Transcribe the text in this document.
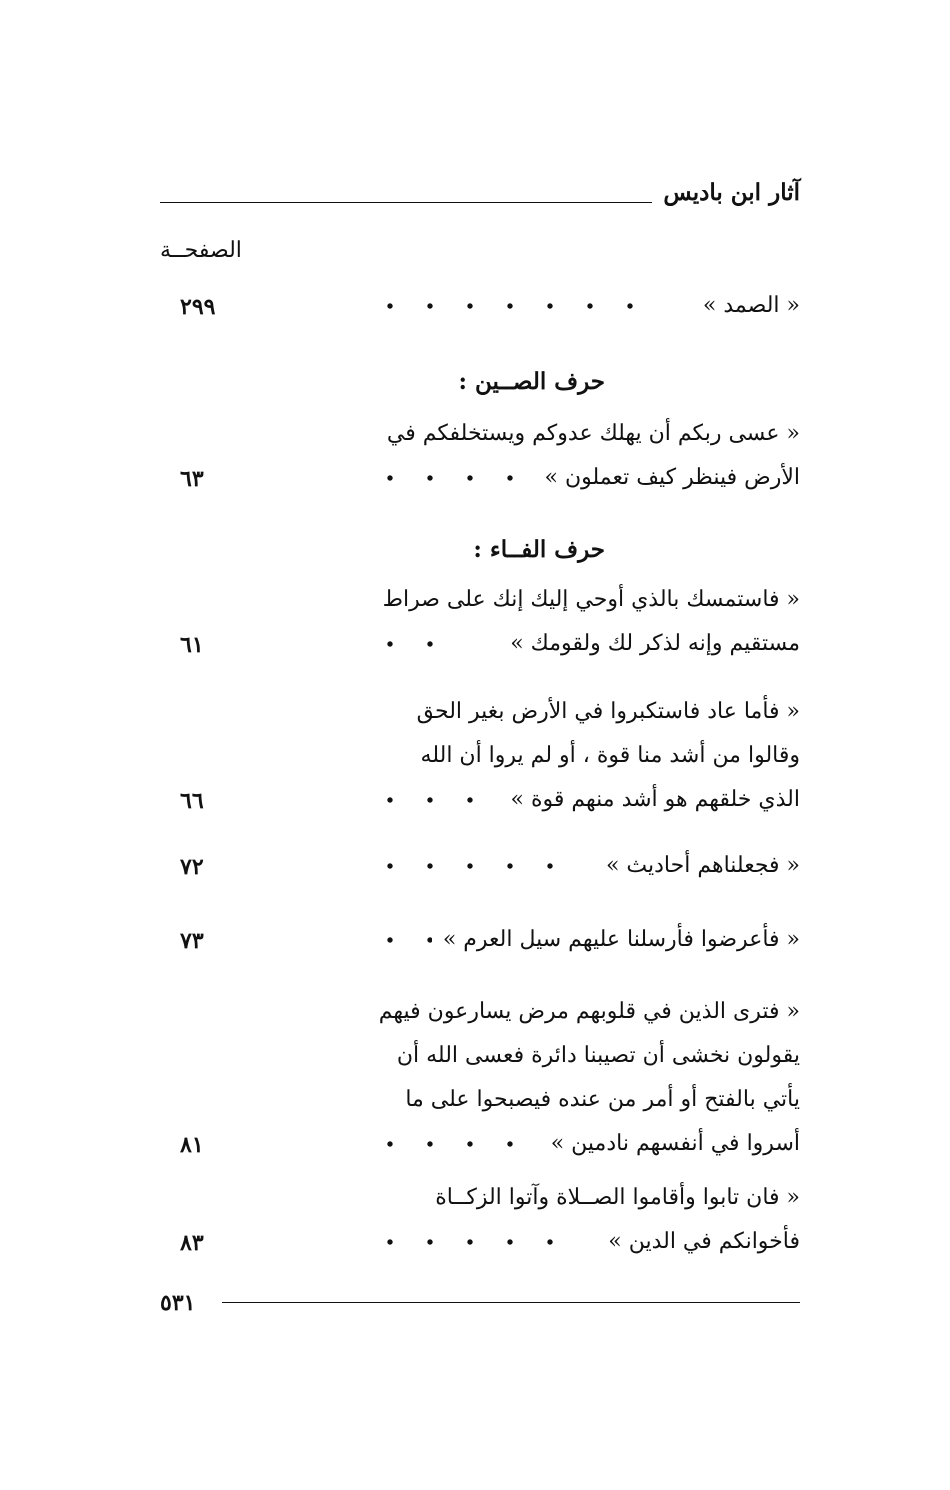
آثار ابن باديس
الصفحــة
« الصمد »
٢٩٩
حرف الصــين :
« عسى ربكم أن يهلك عدوكم ويستخلفكم في
الأرض فينظر كيف تعملون »
٦٣
حرف الفــاء :
« فاستمسك بالذي أوحي إليك إنك على صراط
مستقيم وإنه لذكر لك ولقومك »
٦١
« فأما عاد فاستكبروا في الأرض بغير الحق
وقالوا من أشد منا قوة ، أو لم يروا أن الله
الذي خلقهم هو أشد منهم قوة »
٦٦
« فجعلناهم أحاديث »
٧٢
« فأعرضوا فأرسلنا عليهم سيل العرم »
٧٣
« فترى الذين في قلوبهم مرض يسارعون فيهم
يقولون نخشى أن تصيبنا دائرة فعسى الله أن
يأتي بالفتح أو أمر من عنده فيصبحوا على ما
أسروا في أنفسهم نادمين »
٨١
« فان تابوا وأقاموا الصــلاة وآتوا الزكــاة
فأخوانكم في الدين »
٨٣
٥٣١
